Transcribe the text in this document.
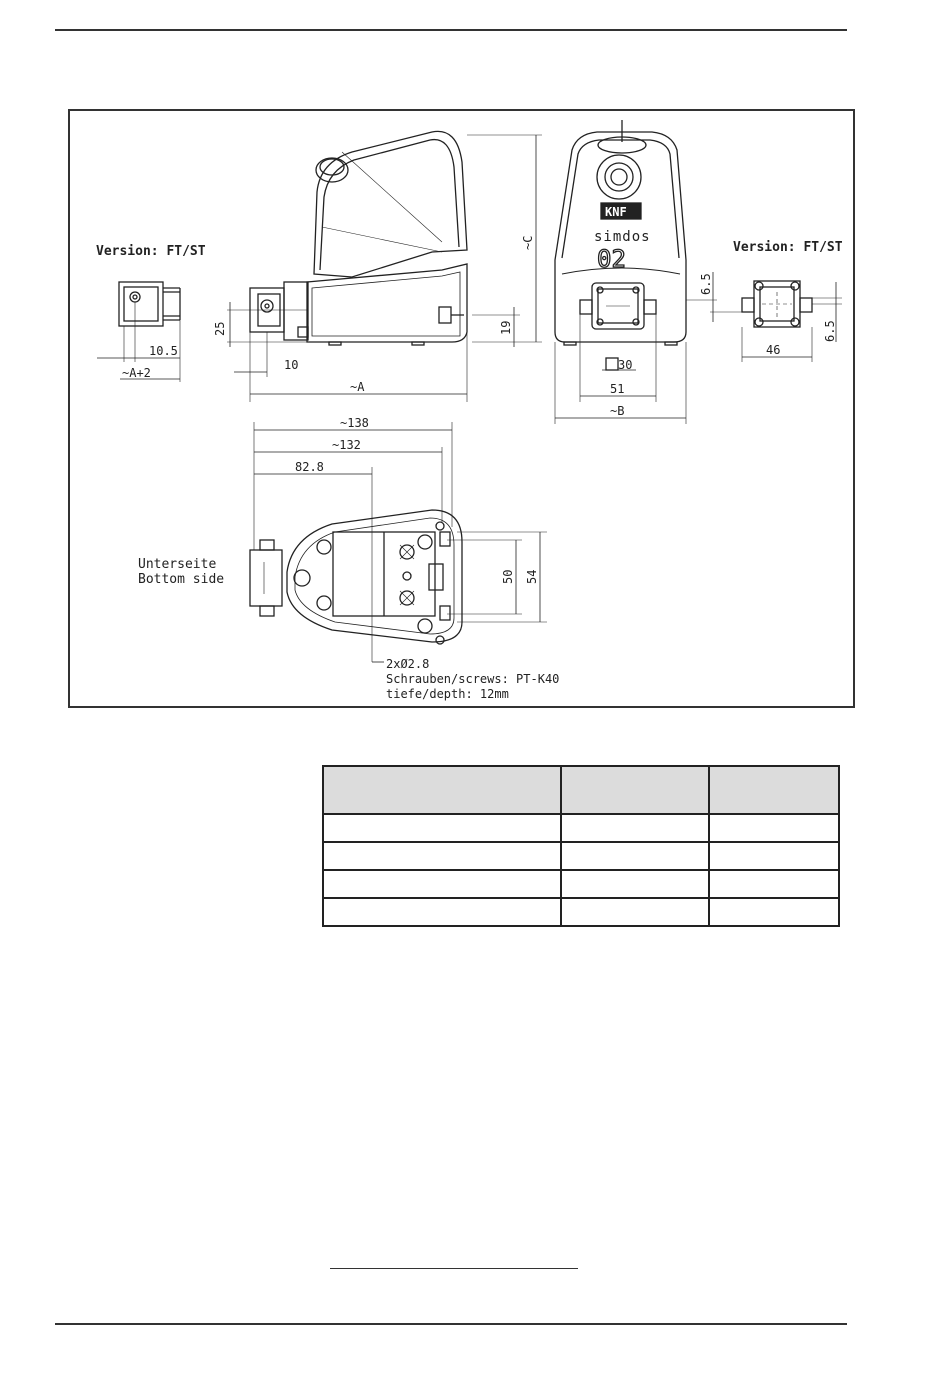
KNF
simdos
02
Version: FT/ST	Version: FT/ST
10.5
~A+2
25
10
~A
19
~C
30
51
~B
6.5
6.5
46
~138
~132
82.8
50 54
Unterseite
Bottom side
2xØ2.8
Schrauben/screws: PT-K40
tiefe/depth: 12mm
